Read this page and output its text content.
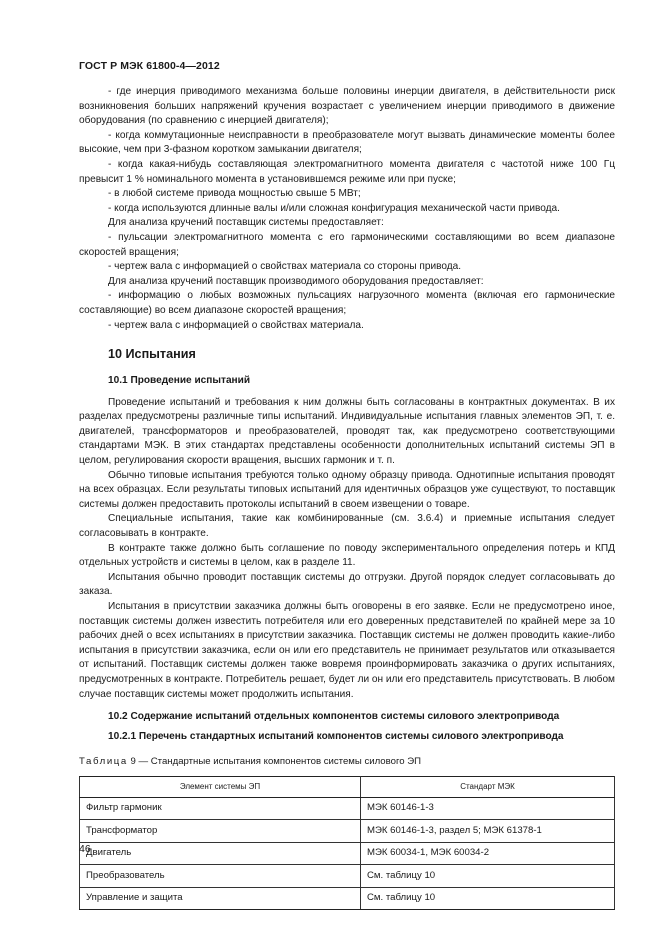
ГОСТ Р МЭК 61800-4—2012

- где инерция приводимого механизма больше половины инерции двигателя, в действительности риск возникновения больших напряжений кручения возрастает с увеличением инерции приводимого в движение оборудования (по сравнению с инерцией двигателя);

- когда коммутационные неисправности в преобразователе могут вызвать динамические моменты более высокие, чем при 3-фазном коротком замыкании двигателя;

- когда какая-нибудь составляющая электромагнитного момента двигателя с частотой ниже 100 Гц превысит 1 % номинального момента в установившемся режиме или при пуске;

- в любой системе привода мощностью свыше 5 МВт;

- когда используются длинные валы и/или сложная конфигурация механической части привода.

Для анализа кручений поставщик системы предоставляет:

- пульсации электромагнитного момента с его гармоническими составляющими во всем диапазоне скоростей вращения;

- чертеж вала с информацией о свойствах материала со стороны привода.

Для анализа кручений поставщик производимого оборудования предоставляет:

- информацию о любых возможных пульсациях нагрузочного момента (включая его гармонические составляющие) во всем диапазоне скоростей вращения;

- чертеж вала с информацией о свойствах материала.

10 Испытания

10.1 Проведение испытаний

Проведение испытаний и требования к ним должны быть согласованы в контрактных документах. В их разделах предусмотрены различные типы испытаний. Индивидуальные испытания главных элементов ЭП, т. е. двигателей, трансформаторов и преобразователей, проводят так, как предусмотрено соответствующими стандартами МЭК. В этих стандартах представлены особенности дополнительных испытаний системы ЭП в целом, регулирования скорости вращения, высших гармоник и т. п.

Обычно типовые испытания требуются только одному образцу привода. Однотипные испытания проводят на всех образцах. Если результаты типовых испытаний для идентичных образцов уже существуют, то поставщик системы должен предоставить протоколы испытаний в своем извещении о товаре.

Специальные испытания, такие как комбинированные (см. 3.6.4) и приемные испытания следует согласовывать в контракте.

В контракте также должно быть соглашение по поводу экспериментального определения потерь и КПД отдельных устройств и системы в целом, как в разделе 11.

Испытания обычно проводит поставщик системы до отгрузки. Другой порядок следует согласовывать до заказа.

Испытания в присутствии заказчика должны быть оговорены в его заявке. Если не предусмотрено иное, поставщик системы должен известить потребителя или его доверенных представителей по крайней мере за 10 рабочих дней о всех испытаниях в присутствии заказчика. Поставщик системы не должен проводить какие-либо испытания в присутствии заказчика, если он или его представитель не принимает результатов или отказывается от испытаний. Поставщик системы должен также вовремя проинформировать заказчика о других испытаниях, предусмотренных в контракте. Потребитель решает, будет ли он или его представитель присутствовать. В любом случае поставщик системы может продолжить испытания.

10.2 Содержание испытаний отдельных компонентов системы силового электропривода

10.2.1 Перечень стандартных испытаний компонентов системы силового электропривода

Таблица 9 — Стандартные испытания компонентов системы силового ЭП

Элемент системы ЭП	Стандарт МЭК
Фильтр гармоник	МЭК 60146-1-3
Трансформатор	МЭК 60146-1-3, раздел 5; МЭК 61378-1
Двигатель	МЭК 60034-1, МЭК 60034-2
Преобразователь	См. таблицу 10
Управление и защита	См. таблицу 10
46
